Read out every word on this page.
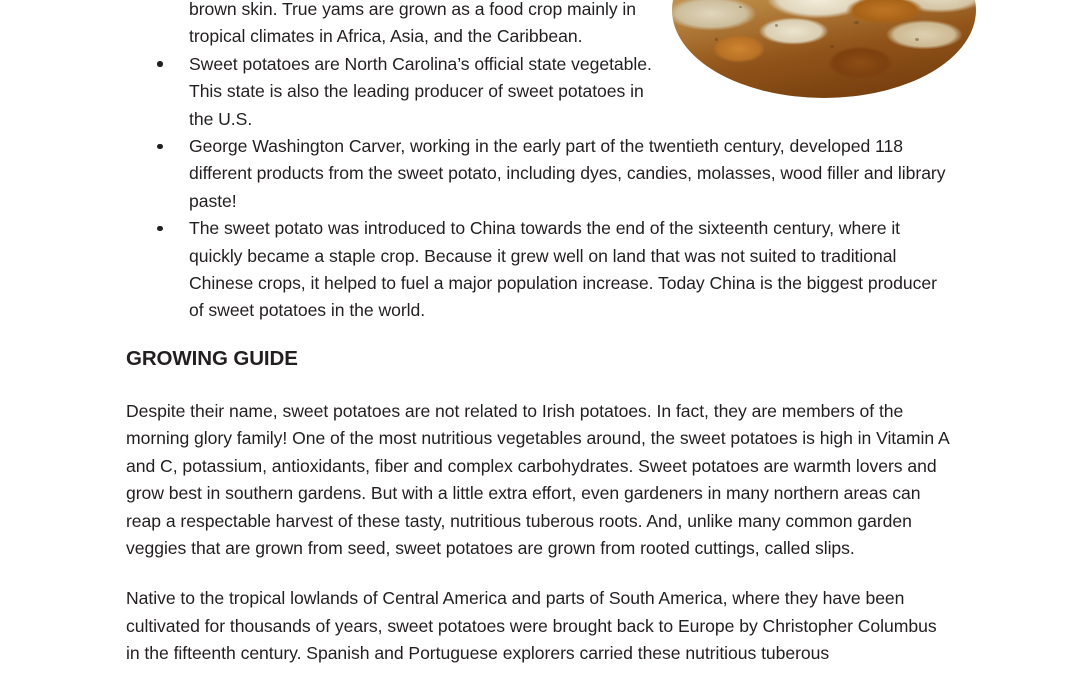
brown skin. True yams are grown as a food crop mainly in tropical climates in Africa, Asia, and the Caribbean.
Sweet potatoes are North Carolina’s official state vegetable. This state is also the leading producer of sweet potatoes in the U.S.
George Washington Carver, working in the early part of the twentieth century, developed 118 different products from the sweet potato, including dyes, candies, molasses, wood filler and library paste!
The sweet potato was introduced to China towards the end of the sixteenth century, where it quickly became a staple crop. Because it grew well on land that was not suited to traditional Chinese crops, it helped to fuel a major population increase. Today China is the biggest producer of sweet potatoes in the world.
GROWING GUIDE

Despite their name, sweet potatoes are not related to Irish potatoes. In fact, they are members of the morning glory family! One of the most nutritious vegetables around, the sweet potatoes is high in Vitamin A and C, potassium, antioxidants, fiber and complex carbohydrates. Sweet potatoes are warmth lovers and grow best in southern gardens. But with a little extra effort, even gardeners in many northern areas can reap a respectable harvest of these tasty, nutritious tuberous roots. And, unlike many common garden veggies that are grown from seed, sweet potatoes are grown from rooted cuttings, called slips.

Native to the tropical lowlands of Central America and parts of South America, where they have been cultivated for thousands of years, sweet potatoes were brought back to Europe by Christopher Columbus in the fifteenth century. Spanish and Portuguese explorers carried these nutritious tuberous
